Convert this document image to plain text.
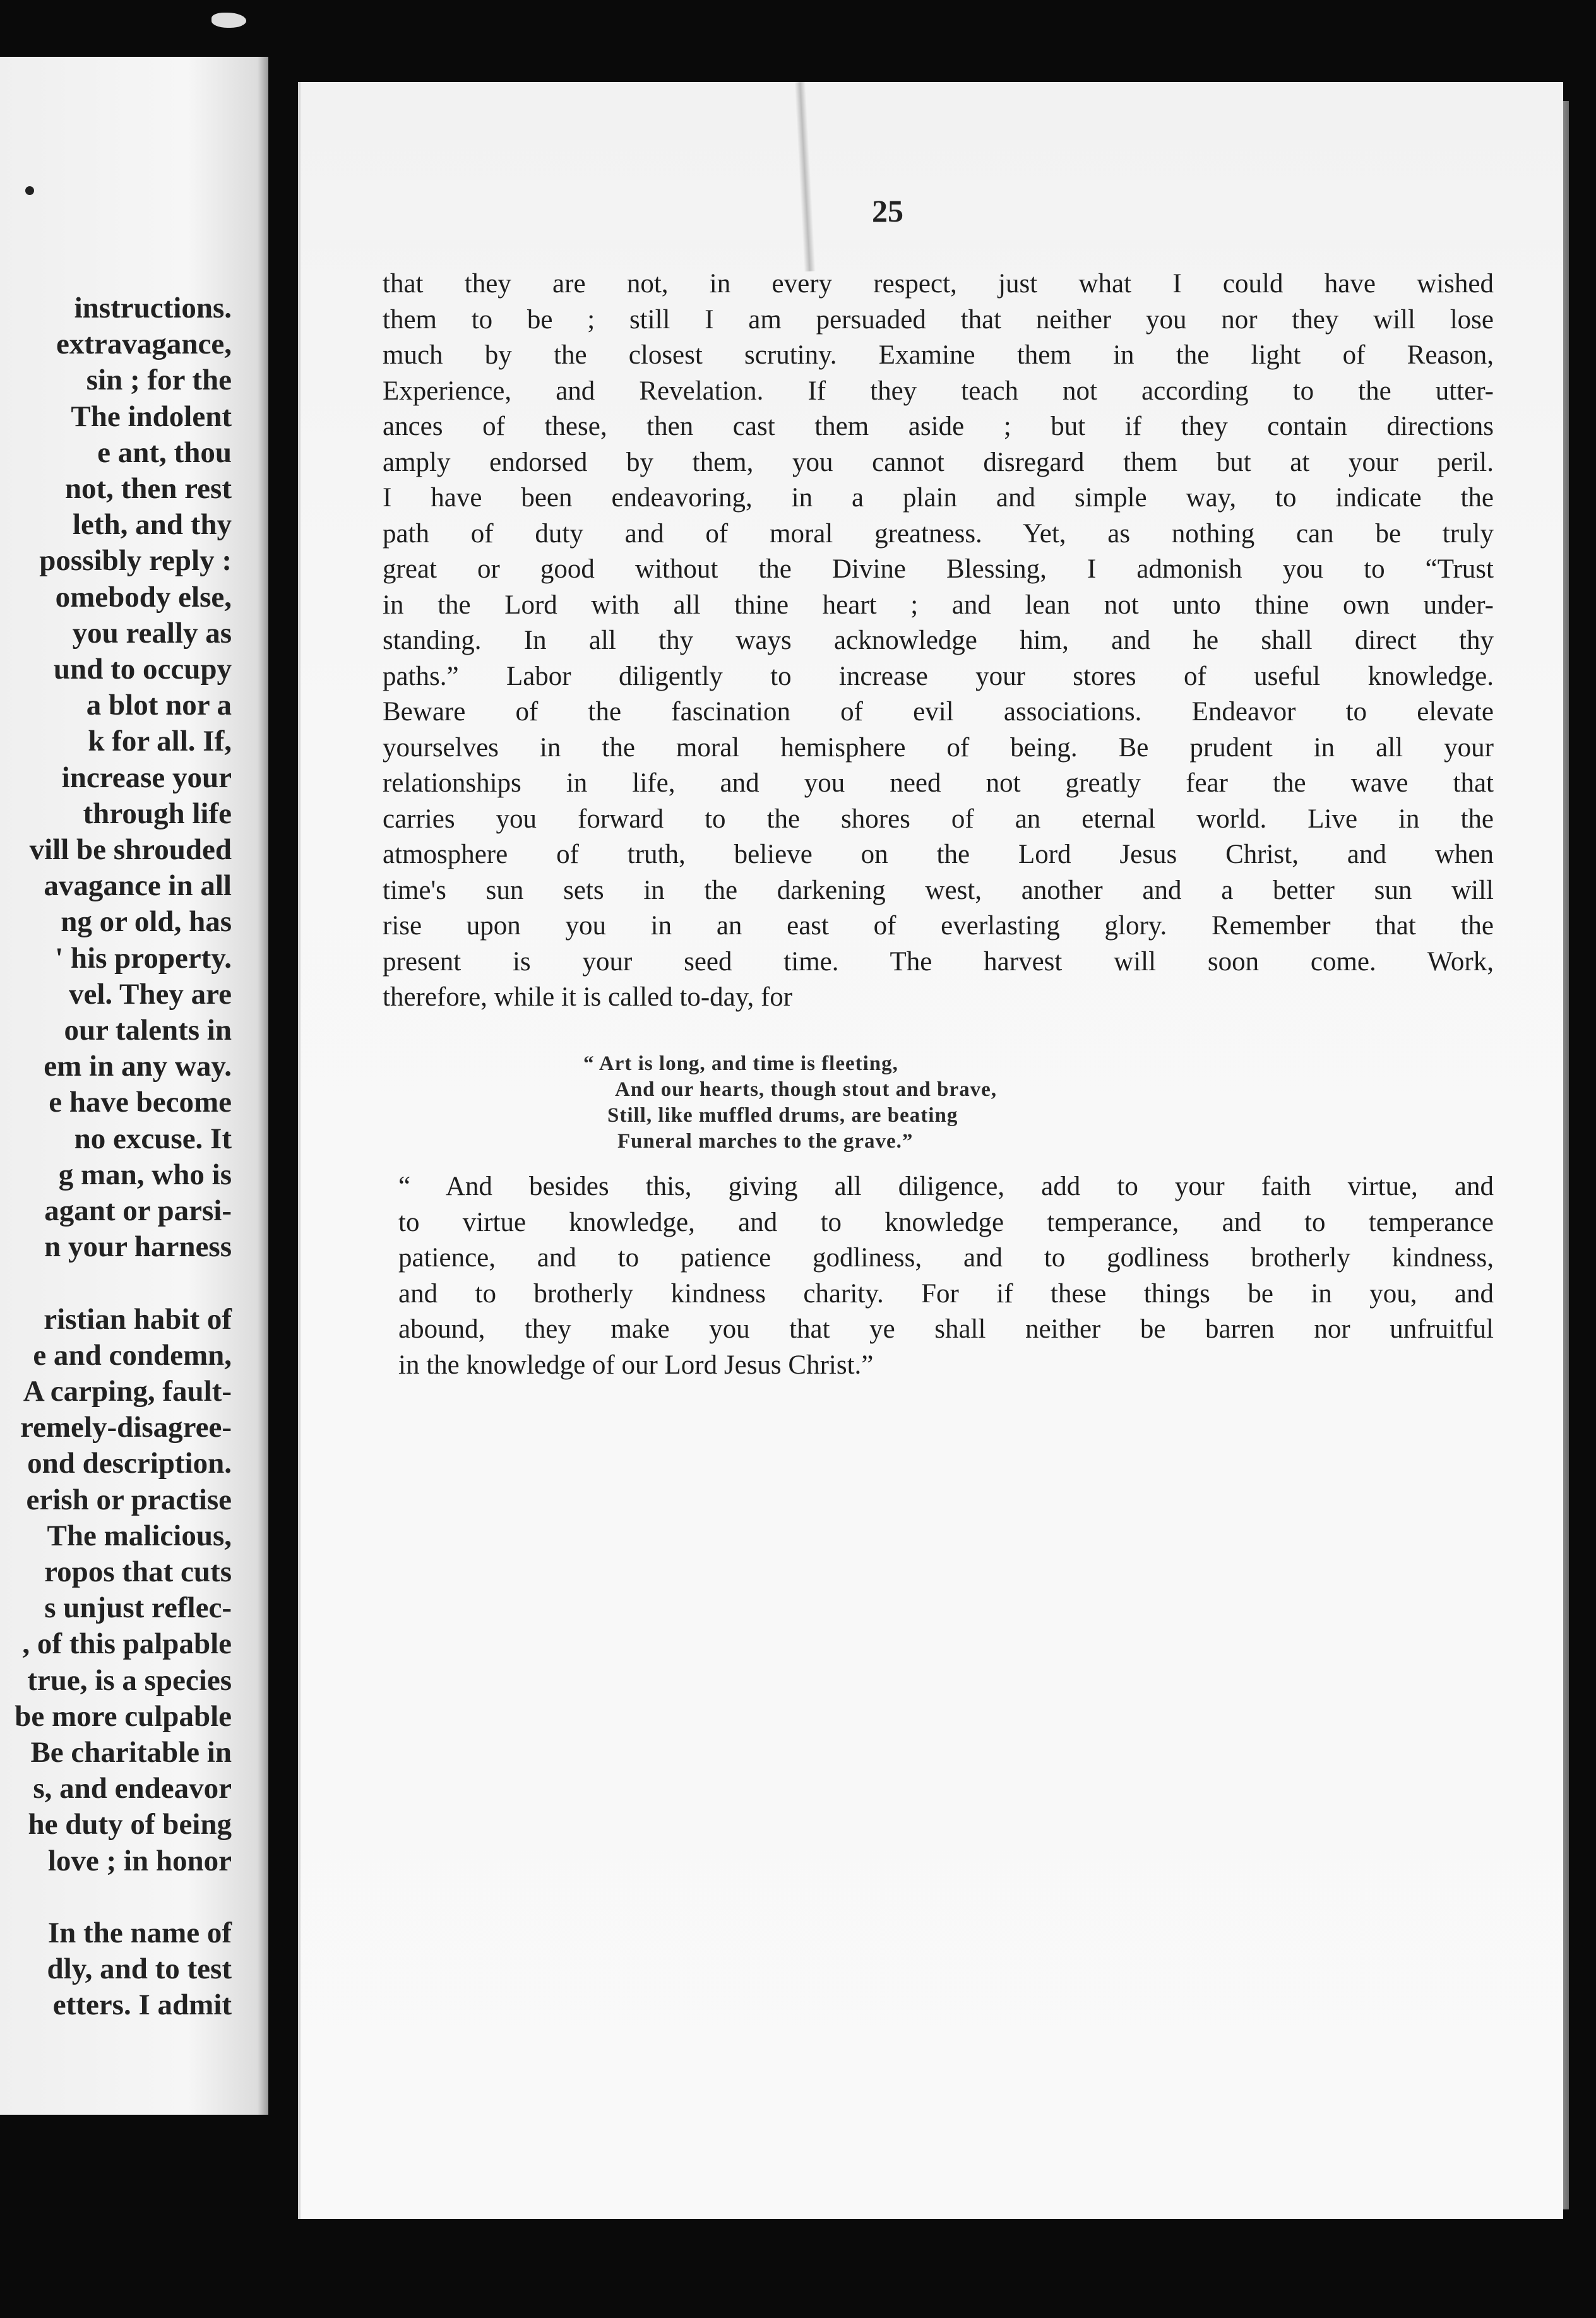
instructions.
extravagance,
sin ; for the
The indolent
e ant, thou
not, then rest
leth, and thy
possibly reply :
omebody else,
you really as
und to occupy
a blot nor a
k for all. If,
increase your
through life
vill be shrouded
avagance in all
ng or old, has
' his property.
vel. They are
our talents in
em in any way.
e have become
no excuse. It
g man, who is
agant or parsi-
n your harness
ristian habit of
e and condemn,
A carping, fault-
remely-disagree-
ond description.
erish or practise
The malicious,
ropos that cuts
s unjust reflec-
, of this palpable
true, is a species
be more culpable
Be charitable in
s, and endeavor
he duty of being
love ; in honor
In the name of
dly, and to test
etters. I admit
25
that they are not, in every respect, just what I could have wished
them to be ; still I am persuaded that neither you nor they will lose
much by the closest scrutiny. Examine them in the light of Reason,
Experience, and Revelation. If they teach not according to the utter-
ances of these, then cast them aside ; but if they contain directions
amply endorsed by them, you cannot disregard them but at your peril.
I have been endeavoring, in a plain and simple way, to indicate the
path of duty and of moral greatness. Yet, as nothing can be truly
great or good without the Divine Blessing, I admonish you to “Trust
in the Lord with all thine heart ; and lean not unto thine own under-
standing. In all thy ways acknowledge him, and he shall direct thy
paths.” Labor diligently to increase your stores of useful knowledge.
Beware of the fascination of evil associations. Endeavor to elevate
yourselves in the moral hemisphere of being. Be prudent in all your
relationships in life, and you need not greatly fear the wave that
carries you forward to the shores of an eternal world. Live in the
atmosphere of truth, believe on the Lord Jesus Christ, and when
time's sun sets in the darkening west, another and a better sun will
rise upon you in an east of everlasting glory. Remember that the
present is your seed time. The harvest will soon come. Work,
therefore, while it is called to-day, for
“ Art is long, and time is fleeting,
And our hearts, though stout and brave,
Still, like muffled drums, are beating
Funeral marches to the grave.”
“ And besides this, giving all diligence, add to your faith virtue, and
to virtue knowledge, and to knowledge temperance, and to temperance
patience, and to patience godliness, and to godliness brotherly kindness,
and to brotherly kindness charity. For if these things be in you, and
abound, they make you that ye shall neither be barren nor unfruitful
in the knowledge of our Lord Jesus Christ.”
